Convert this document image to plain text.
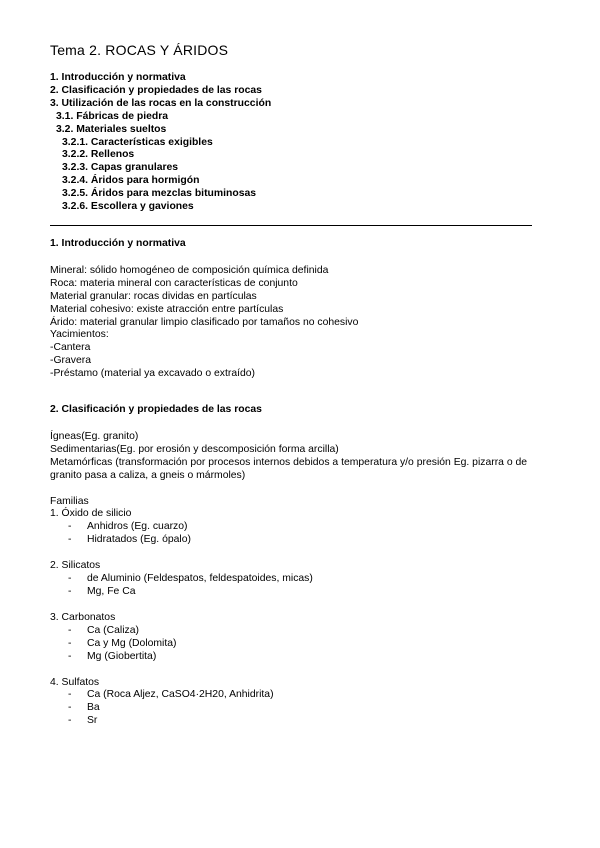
Tema 2. ROCAS Y ÁRIDOS
1. Introducción y normativa
2. Clasificación y propiedades de las rocas
3. Utilización de las rocas en la construcción
3.1. Fábricas de piedra
3.2. Materiales sueltos
3.2.1. Características exigibles
3.2.2. Rellenos
3.2.3. Capas granulares
3.2.4. Áridos para hormigón
3.2.5. Áridos para mezclas bituminosas
3.2.6. Escollera y gaviones
1. Introducción y normativa
Mineral: sólido homogéneo de composición química definida
Roca: materia mineral con características de conjunto
Material granular: rocas dividas en partículas
Material cohesivo: existe atracción entre partículas
Árido: material granular limpio clasificado por tamaños no cohesivo
Yacimientos:
-Cantera
-Gravera
-Préstamo (material ya excavado o extraído)
2. Clasificación y propiedades de las rocas
Ígneas(Eg. granito)
Sedimentarias(Eg. por erosión y descomposición forma arcilla)
Metamórficas (transformación por procesos internos debidos a temperatura y/o presión Eg. pizarra o de granito pasa a caliza, a gneis o mármoles)
Familias
1. Óxido de silicio
- Anhidros (Eg. cuarzo)
- Hidratados (Eg. ópalo)
2. Silicatos
- de Aluminio (Feldespatos, feldespatoides, micas)
- Mg, Fe Ca
3. Carbonatos
- Ca (Caliza)
- Ca y Mg (Dolomita)
- Mg (Giobertita)
4. Sulfatos
- Ca (Roca Aljez, CaSO4·2H20, Anhidrita)
- Ba
- Sr
